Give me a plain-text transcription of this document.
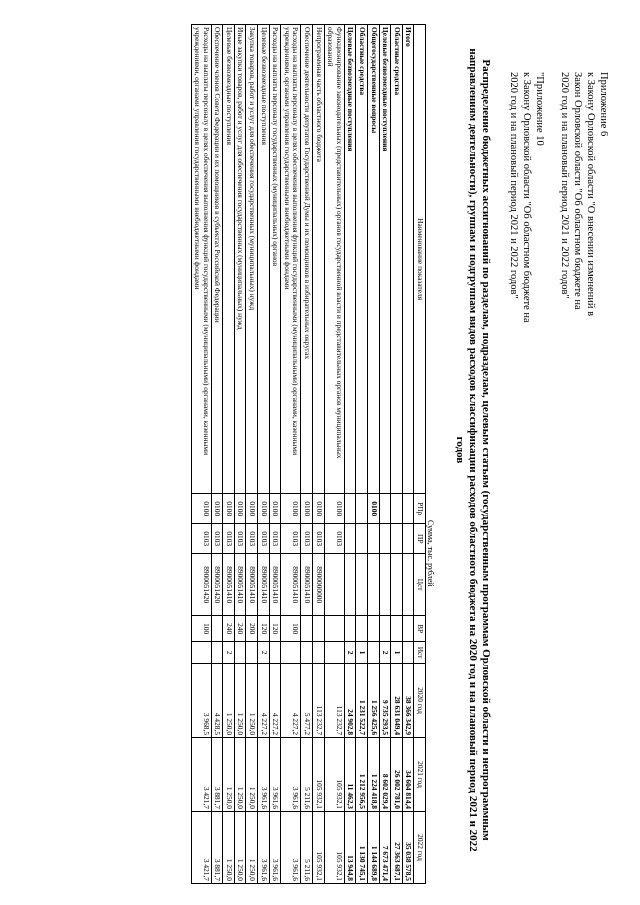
Приложение 6

к Закону Орловской области "О внесении изменений в

Закон Орловской области "Об областном бюджете на

2020 год и на плановый период 2021 и 2022 годов"

"Приложение 10

к Закону Орловской области "Об областном бюджете на

2020 год и на плановый период 2021 и 2022 годов"

Распределение бюджетных ассигнований по разделам, подразделам, целевым статьям (государственным программам Орловской области и непрограммным направлениям деятельности), группам и подгруппам видов расходов классификации расходов областного бюджета на 2020 год и на плановый период 2021 и 2022 годов
Сумма, тыс. рублей
Наименование показателя	РПр	ПР	Цст	ВР	Ист	2020 год	2021 год	2022 год
Итого						38 366 342,9	34 604 814,4	35 038 578,5
Областные средства					1	28 631 049,4	26 002 781,0	27 363 687,1
Целевые безвозмездные поступления					2	9 735 293,5	8 602 029,4	7 673 471,4
Общегосударственные вопросы	0100					1 256 425,6	1 224 418,8	1 144 689,8
Областные средства					1	1 231 522,7	1 212 956,5	1 130 745,1
Целевые безвозмездные поступления					2	24 902,8	11 462,3	13 944,8
Функционирование законодательных (представительных) органов государственной власти и представительных органов муниципальных образований	0100	0103				113 232,7	105 932,1	105 932,1
Непрограммная часть областного бюджета	0100	0103	8900000000			113 232,7	105 932,1	105 932,1
Обеспечение деятельности депутатов Государственной Думы и их помощников в избирательных округах	0100	0103	8900051410			5 477,2	5 211,6	5 211,6
Расходы на выплаты персоналу в целях обеспечения выполнения функций государственными (муниципальными) органами, казенными учреждениями, органами управления государственными внебюджетными фондами	0100	0103	8900051410	100		4 227,2	3 961,6	3 961,6
Расходы на выплаты персоналу государственных (муниципальных) органов	0100	0103	8900051410	120		4 227,2	3 961,6	3 961,6
Целевые безвозмездные поступления	0100	0103	8900051410	120	2	4 227,2	3 961,6	3 961,6
Закупка товаров, работ и услуг для обеспечения государственных (муниципальных) нужд	0100	0103	8900051410	200		1 250,0	1 250,0	1 250,0
Иные закупки товаров, работ и услуг для обеспечения государственных (муниципальных) нужд	0100	0103	8900051410	240		1 250,0	1 250,0	1 250,0
Целевые безвозмездные поступления	0100	0103	8900051410	240	2	1 250,0	1 250,0	1 250,0
Обеспечение членов Совета Федерации и их помощников в субъектах Российской Федерации	0100	0103	8900051420			4 428,5	3 881,7	3 881,7
Расходы на выплаты персоналу в целях обеспечения выполнения функций государственными (муниципальными) органами, казенными учреждениями, органами управления государственными внебюджетными фондами	0100	0103	8900051420	100		3 968,5	3 421,7	3 421,7
